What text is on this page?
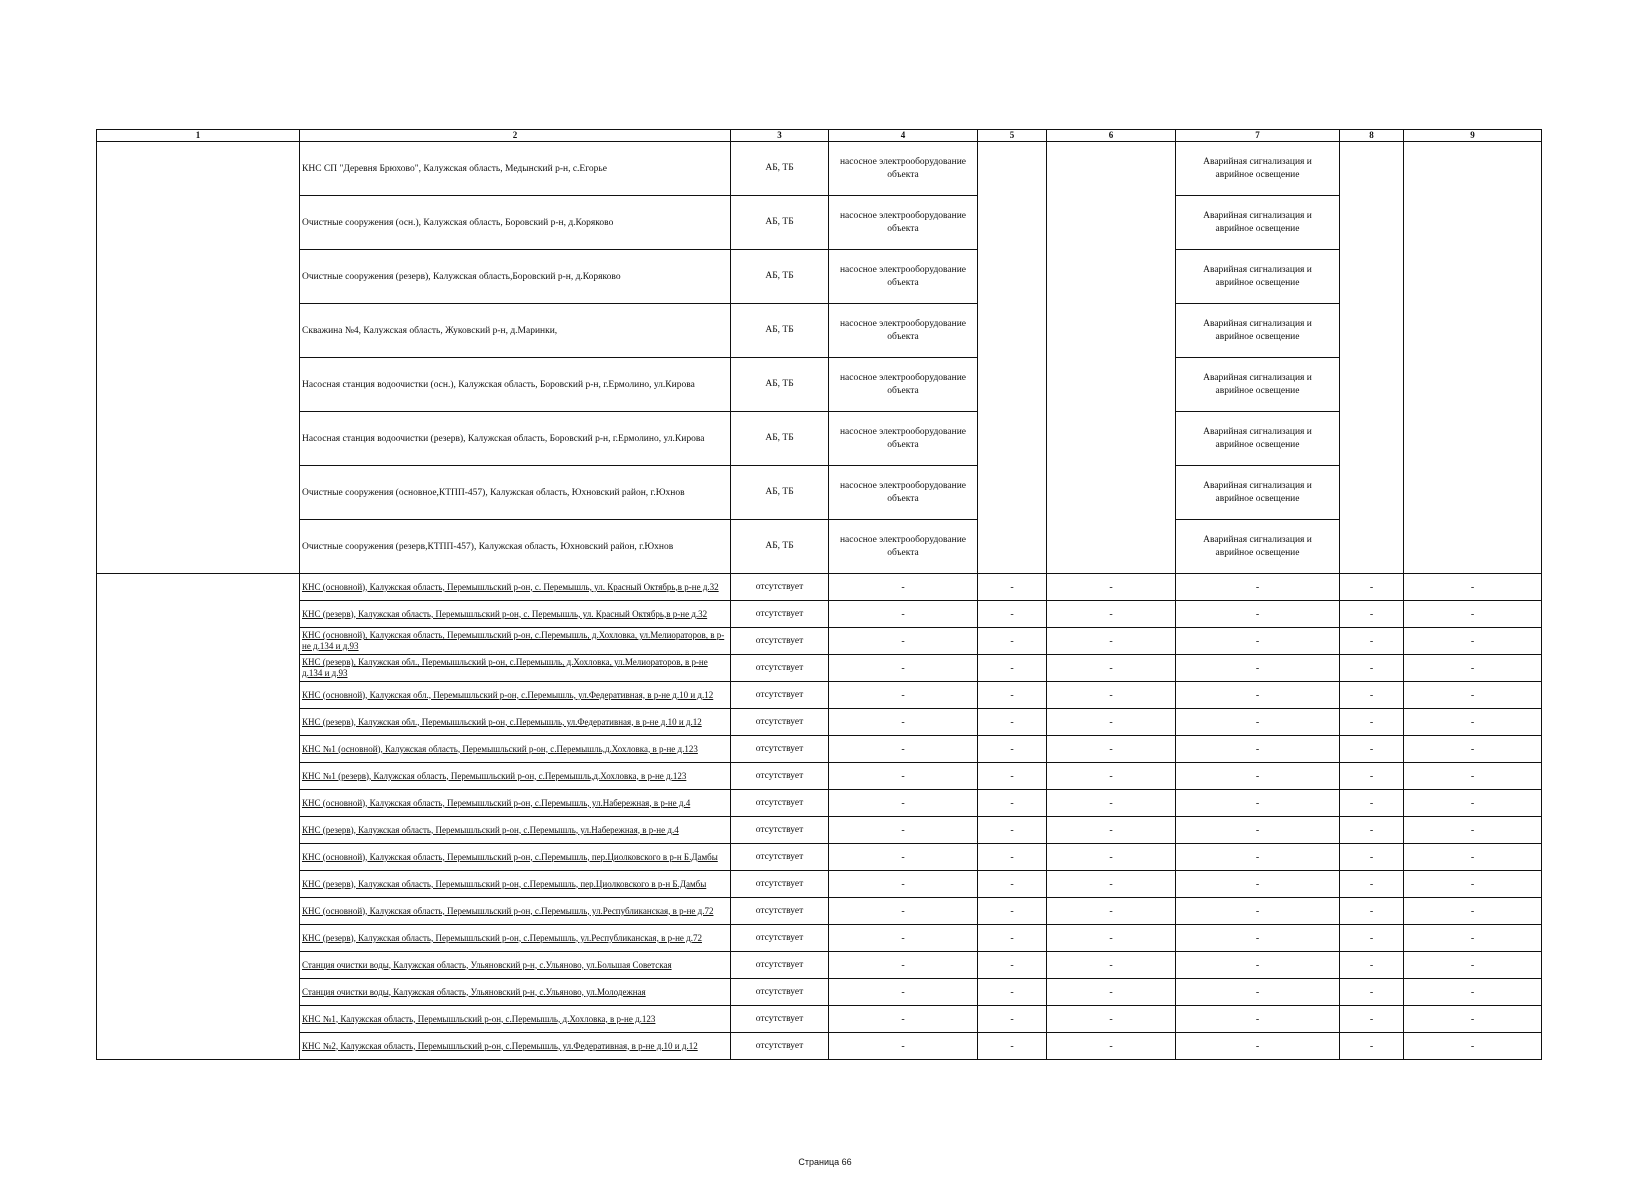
1	2	3	4	5	6	7	8	9
	КНС СП "Деревня Брюхово", Калужская область, Медынский р-н, с.Егорье	АБ, ТБ	насосное электрооборудование объекта			Аварийная сигнализация и аврийное освещение		
	Очистные сооружения (осн.), Калужская область, Боровский р-н, д.Коряково	АБ, ТБ	насосное электрооборудование объекта			Аварийная сигнализация и аврийное освещение		
	Очистные сооружения (резерв), Калужская область,Боровский р-н, д.Коряково	АБ, ТБ	насосное электрооборудование объекта			Аварийная сигнализация и аврийное освещение		
	Скважина №4, Калужская область, Жуковский р-н, д.Маринки,	АБ, ТБ	насосное электрооборудование объекта			Аварийная сигнализация и аврийное освещение		
	Насосная станция водоочистки (осн.), Калужская область, Боровский р-н, г.Ермолино, ул.Кирова	АБ, ТБ	насосное электрооборудование объекта			Аварийная сигнализация и аврийное освещение		
	Насосная станция водоочистки (резерв), Калужская область, Боровский р-н, г.Ермолино, ул.Кирова	АБ, ТБ	насосное электрооборудование объекта			Аварийная сигнализация и аврийное освещение		
	Очистные сооружения (основное,КТПП-457), Калужская область, Юхновский район, г.Юхнов	АБ, ТБ	насосное электрооборудование объекта			Аварийная сигнализация и аврийное освещение		
	Очистные сооружения (резерв,КТПП-457), Калужская область, Юхновский район, г.Юхнов	АБ, ТБ	насосное электрооборудование объекта			Аварийная сигнализация и аврийное освещение		
	КНС (основной), Калужская область, Перемышльский р-он, с. Перемышль, ул. Красный Октябрь,в р-не д.32	отсутствует	-	-	-	-	-	-
	КНС (резерв), Калужская область, Перемышльский р-он, с. Перемышль, ул. Красный Октябрь,в р-не д.32	отсутствует	-	-	-	-	-	-
	КНС (основной), Калужская область, Перемышльский р-он, с.Перемышль, д.Хохловка, ул.Мелиораторов, в р-не д.134 и д.93	отсутствует	-	-	-	-	-	-
	КНС (резерв), Калужская обл., Перемышльский р-он, с.Перемышль, д.Хохловка, ул.Мелиораторов, в р-не д.134 и д.93	отсутствует	-	-	-	-	-	-
	КНС (основной), Калужская обл., Перемышльский р-он, с.Перемышль, ул.Федеративная, в р-не д.10 и д.12	отсутствует	-	-	-	-	-	-
	КНС (резерв), Калужская обл., Перемышльский р-он, с.Перемышль, ул.Федеративная, в р-не д.10 и д.12	отсутствует	-	-	-	-	-	-
	КНС №1 (основной), Калужская область, Перемышльский р-он, с.Перемышль,д.Хохловка, в р-не д.123	отсутствует	-	-	-	-	-	-
	КНС №1 (резерв), Калужская область, Перемышльский р-он, с.Перемышль,д.Хохловка, в р-не д.123	отсутствует	-	-	-	-	-	-
	КНС (основной), Калужская область, Перемышльский р-он, с.Перемышль, ул.Набережная, в р-не д.4	отсутствует	-	-	-	-	-	-
	КНС (резерв), Калужская область, Перемышльский р-он, с.Перемышль, ул.Набережная, в р-не д.4	отсутствует	-	-	-	-	-	-
	КНС (основной), Калужская область, Перемышльский р-он, с.Перемышль, пер.Циолковского в р-н Б.Дамбы	отсутствует	-	-	-	-	-	-
	КНС (резерв), Калужская область, Перемышльский р-он, с.Перемышль, пер.Циолковского в р-н Б.Дамбы	отсутствует	-	-	-	-	-	-
	КНС (основной), Калужская область, Перемышльский р-он, с.Перемышль, ул.Республиканская, в р-не д.72	отсутствует	-	-	-	-	-	-
	КНС (резерв), Калужская область, Перемышльский р-он, с.Перемышль, ул.Республиканская, в р-не д.72	отсутствует	-	-	-	-	-	-
	Станция очистки воды, Калужская область, Ульяновский р-н, с.Ульяново, ул.Большая Советская	отсутствует	-	-	-	-	-	-
	Станция очистки воды, Калужская область, Ульяновский р-н, с.Ульяново, ул.Молодежная	отсутствует	-	-	-	-	-	-
	КНС №1, Калужская область, Перемышльский р-он, с.Перемышль, д.Хохловка, в р-не д.123	отсутствует	-	-	-	-	-	-
	КНС №2, Калужская область, Перемышльский р-он, с.Перемышль, ул.Федеративная, в р-не д.10 и д.12	отсутствует	-	-	-	-	-	-
Страница 66
